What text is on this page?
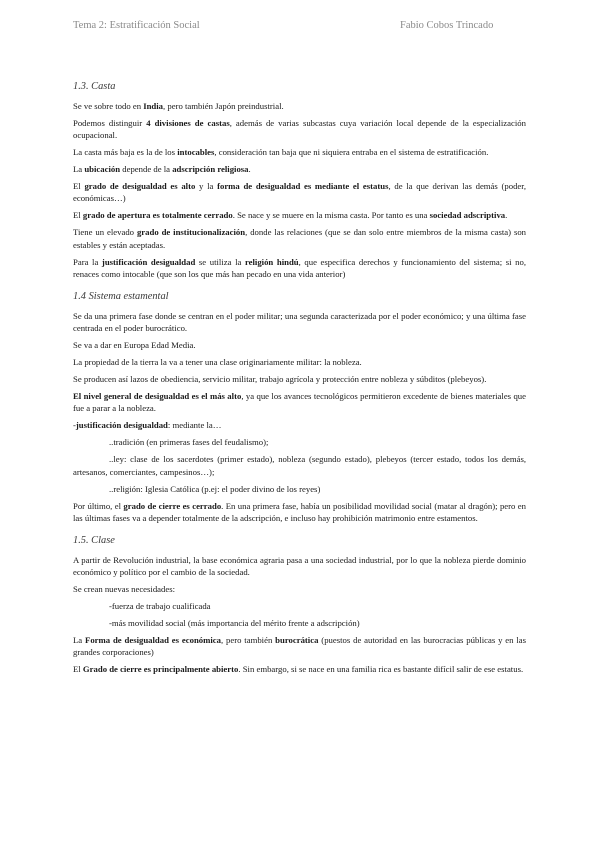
Tema 2: Estratificación Social	Fabio Cobos Trincado
1.3. Casta

Se ve sobre todo en India, pero también Japón preindustrial.

Podemos distinguir 4 divisiones de castas, además de varias subcastas cuya variación local depende de la especialización ocupacional.

La casta más baja es la de los intocables, consideración tan baja que ni siquiera entraba en el sistema de estratificación.

La ubicación depende de la adscripción religiosa.

El grado de desigualdad es alto y la forma de desigualdad es mediante el estatus, de la que derivan las demás (poder, económicas…)

El grado de apertura es totalmente cerrado. Se nace y se muere en la misma casta. Por tanto es una sociedad adscriptiva.

Tiene un elevado grado de institucionalización, donde las relaciones (que se dan solo entre miembros de la misma casta) son estables y están aceptadas.

Para la justificación desigualdad se utiliza la religión hindú, que especifica derechos y funcionamiento del sistema; si no, renaces como intocable (que son los que más han pecado en una vida anterior)

1.4 Sistema estamental

Se da una primera fase donde se centran en el poder militar; una segunda caracterizada por el poder económico; y una última fase centrada en el poder burocrático.

Se va a dar en Europa Edad Media.

La propiedad de la tierra la va a tener una clase originariamente militar: la nobleza.

Se producen así lazos de obediencia, servicio militar, trabajo agrícola y protección entre nobleza y súbditos (plebeyos).

El nivel general de desigualdad es el más alto, ya que los avances tecnológicos permitieron excedente de bienes materiales que fue a parar a la nobleza.

-justificación desigualdad: mediante la…

..tradición (en primeras fases del feudalismo);

..ley: clase de los sacerdotes (primer estado), nobleza (segundo estado), plebeyos (tercer estado, todos los demás, artesanos, comerciantes, campesinos…);

..religión: Iglesia Católica (p.ej: el poder divino de los reyes)

Por último, el grado de cierre es cerrado. En una primera fase, había un posibilidad movilidad social (matar al dragón); pero en las últimas fases va a depender totalmente de la adscripción, e incluso hay prohibición matrimonio entre estamentos.

1.5. Clase

A partir de Revolución industrial, la base económica agraria pasa a una sociedad industrial, por lo que la nobleza pierde dominio económico y político por el cambio de la sociedad.

Se crean nuevas necesidades:

-fuerza de trabajo cualificada

-más movilidad social (más importancia del mérito frente a adscripción)

La Forma de desigualdad es económica, pero también burocrática (puestos de autoridad en las burocracias públicas y en las grandes corporaciones)

El Grado de cierre es principalmente abierto. Sin embargo, si se nace en una familia rica es bastante difícil salir de ese estatus.
